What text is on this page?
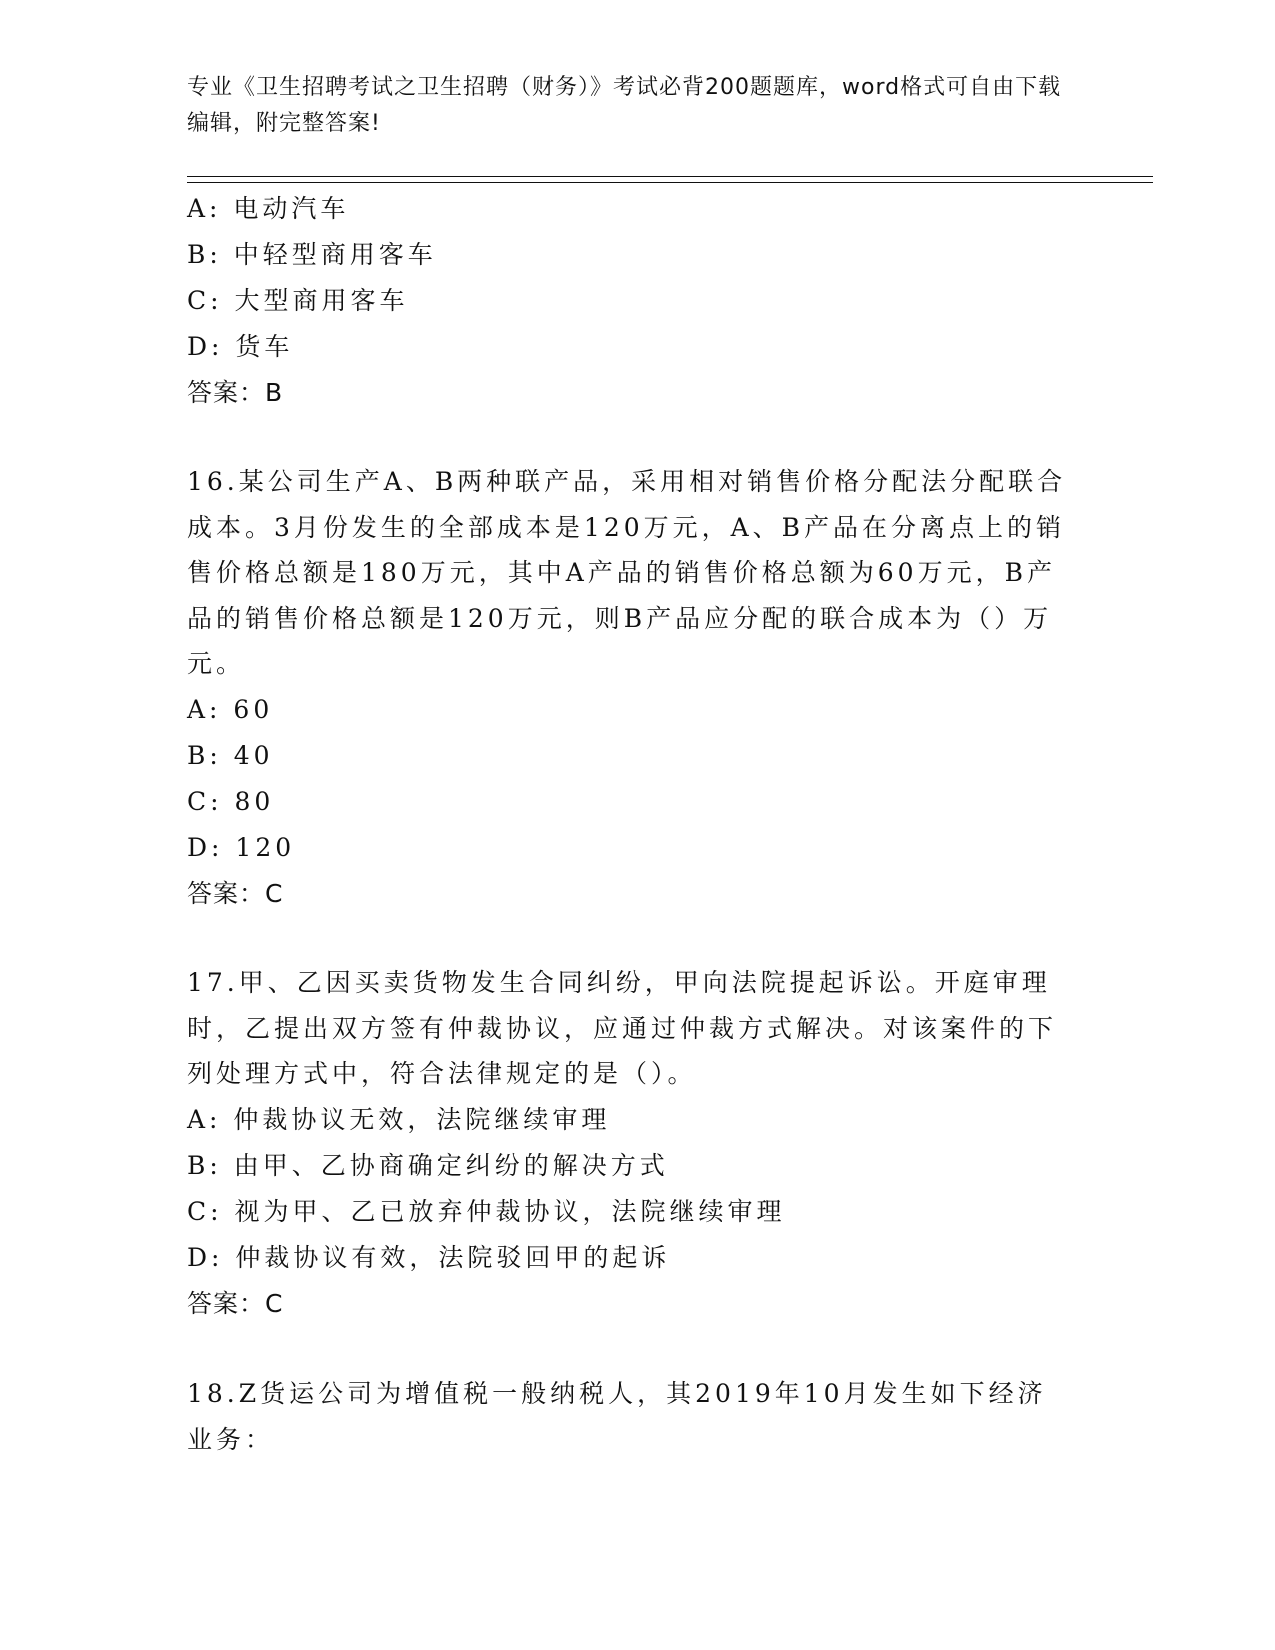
专业《卫生招聘考试之卫生招聘（财务）》考试必背200题题库，word格式可自由下载编辑，附完整答案!
A: 电动汽车
B: 中轻型商用客车
C: 大型商用客车
D: 货车
答案：B
16.某公司生产A、B两种联产品，采用相对销售价格分配法分配联合成本。3月份发生的全部成本是120万元，A、B产品在分离点上的销售价格总额是180万元，其中A产品的销售价格总额为60万元，B产品的销售价格总额是120万元，则B产品应分配的联合成本为（）万元。
A: 60
B: 40
C: 80
D: 120
答案：C
17.甲、乙因买卖货物发生合同纠纷，甲向法院提起诉讼。开庭审理时，乙提出双方签有仲裁协议，应通过仲裁方式解决。对该案件的下列处理方式中，符合法律规定的是（）。
A: 仲裁协议无效，法院继续审理
B: 由甲、乙协商确定纠纷的解决方式
C: 视为甲、乙已放弃仲裁协议，法院继续审理
D: 仲裁协议有效，法院驳回甲的起诉
答案：C
18.Z货运公司为增值税一般纳税人，其2019年10月发生如下经济业务：
